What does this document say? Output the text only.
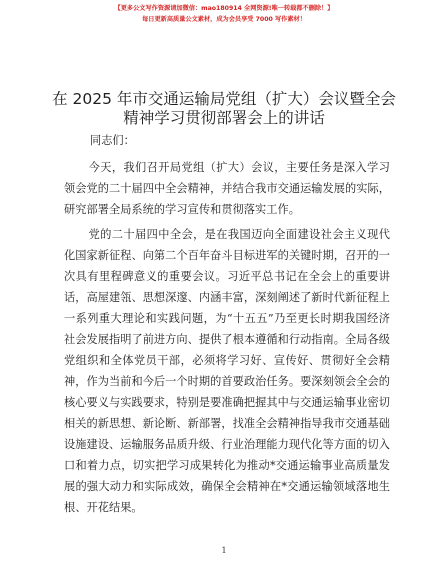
【更多公文写作资源请加微信：mao180914 全网资源!唯一转载都不删除！】
每日更新高质量公文素材，成为会员享受 7000 写作素材！
在 2025 年市交通运输局党组（扩大）会议暨全会
精神学习贯彻部署会上的讲话

同志们：

今天，我们召开局党组（扩大）会议，主要任务是深入学习领会党的二十届四中全会精神，并结合我市交通运输发展的实际，研究部署全局系统的学习宣传和贯彻落实工作。

党的二十届四中全会，是在我国迈向全面建设社会主义现代化国家新征程、向第二个百年奋斗目标进军的关键时期，召开的一次具有里程碑意义的重要会议。习近平总书记在全会上的重要讲话，高屋建瓴、思想深邃、内涵丰富，深刻阐述了新时代新征程上一系列重大理论和实践问题，为“十五五”乃至更长时期我国经济社会发展指明了前进方向、提供了根本遵循和行动指南。全局各级党组织和全体党员干部，必须将学习好、宣传好、贯彻好全会精神，作为当前和今后一个时期的首要政治任务。要深刻领会全会的核心要义与实践要求，特别是要准确把握其中与交通运输事业密切相关的新思想、新论断、新部署，找准全会精神指导我市交通基础设施建设、运输服务品质升级、行业治理能力现代化等方面的切入口和着力点，切实把学习成果转化为推动*交通运输事业高质量发展的强大动力和实际成效，确保全会精神在*交通运输领域落地生根、开花结果。

1
